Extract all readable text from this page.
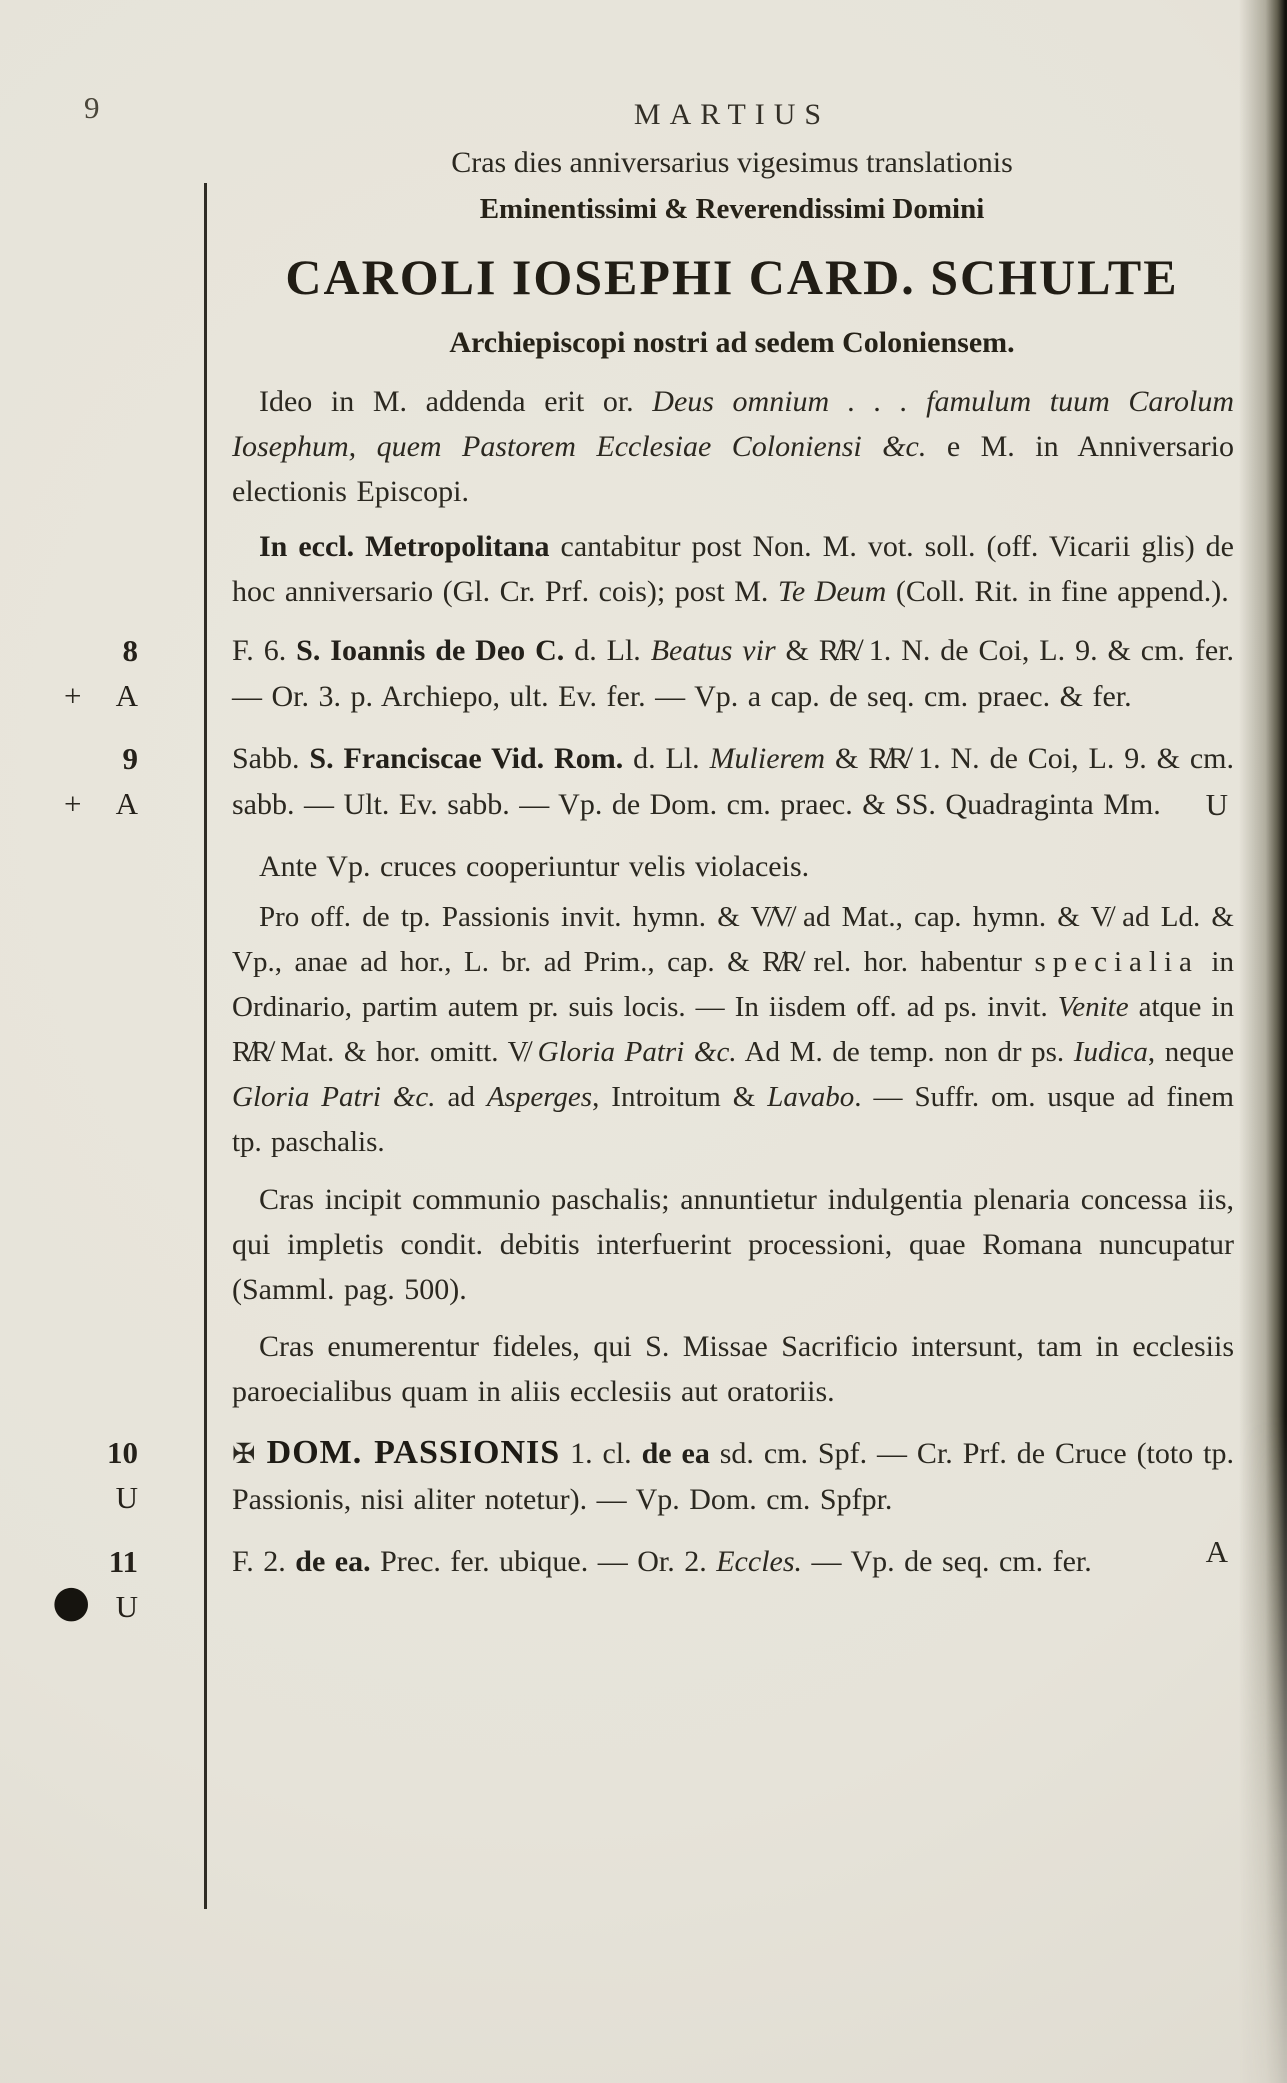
9	MARTIUS
Cras dies anniversarius vigesimus translationis
Eminentissimi & Reverendissimi Domini
CAROLI IOSEPHI CARD. SCHULTE
Archiepiscopi nostri ad sedem Coloniensem.

Ideo in M. addenda erit or. Deus omnium . . . famulum tuum Carolum Iosephum, quem Pastorem Ecclesiae Coloniensi &c. e M. in Anniversario electionis Episcopi.

In eccl. Metropolitana cantabitur post Non. M. vot. soll. (off. Vicarii glis) de hoc anniversario (Gl. Cr. Prf. cois); post M. Te Deum (Coll. Rit. in fine append.).

8
+ A
F. 6. S. Ioannis de Deo C. d. Ll. Beatus vir & R̸R̸ 1. N. de Coi, L. 9. & cm. fer. — Or. 3. p. Archiepo, ult. Ev. fer. — Vp. a cap. de seq. cm. praec. & fer.
9
+ A
Sabb. S. Franciscae Vid. Rom. d. Ll. Mulierem & R̸R̸ 1. N. de Coi, L. 9. & cm. sabb. — Ult. Ev. sabb. — Vp. de Dom. cm. praec. & SS. Quadraginta Mm. U

Ante Vp. cruces cooperiuntur velis violaceis.

Pro off. de tp. Passionis invit. hymn. & V̸V̸ ad Mat., cap. hymn. & V̸ ad Ld. & Vp., anae ad hor., L. br. ad Prim., cap. & R̸R̸ rel. hor. habentur specialia in Ordinario, partim autem pr. suis locis. — In iisdem off. ad ps. invit. Venite atque in R̸R̸ Mat. & hor. omitt. V̸ Gloria Patri &c. Ad M. de temp. non dr ps. Iudica, neque Gloria Patri &c. ad Asperges, Introitum & Lavabo. — Suffr. om. usque ad finem tp. paschalis.

Cras incipit communio paschalis; annuntietur indulgentia plenaria concessa iis, qui impletis condit. debitis interfuerint processioni, quae Romana nuncupatur (Samml. pag. 500).

Cras enumerentur fideles, qui S. Missae Sacrificio intersunt, tam in ecclesiis paroecialibus quam in aliis ecclesiis aut oratoriis.

10
U
✠ DOM. PASSIONIS 1. cl. de ea sd. cm. Spf. — Cr. Prf. de Cruce (toto tp. Passionis, nisi aliter notetur). — Vp. Dom. cm. Spfpr.
11
● U
F. 2. de ea. Prec. fer. ubique. — Or. 2. Eccles. — Vp. de seq. cm. fer.	A
